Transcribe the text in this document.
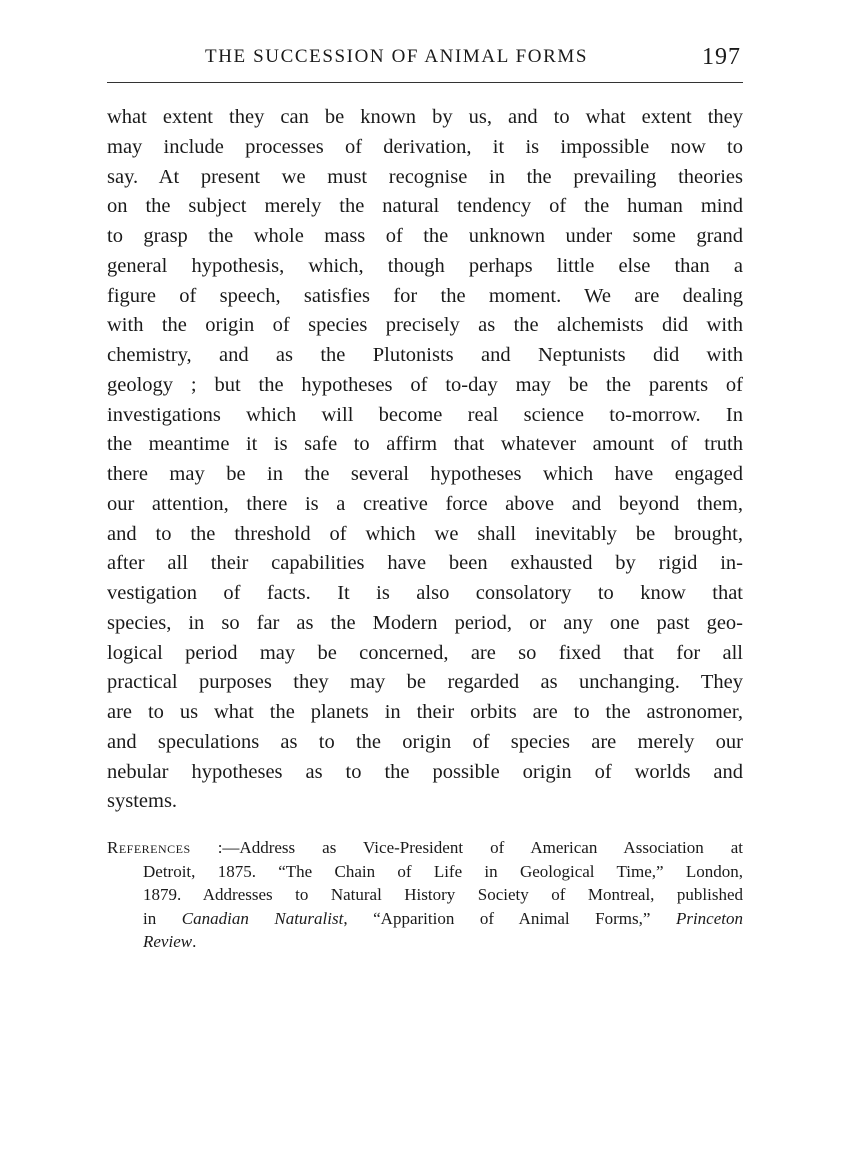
THE SUCCESSION OF ANIMAL FORMS	197
what extent they can be known by us, and to what extent they
may include processes of derivation, it is impossible now to
say. At present we must recognise in the prevailing theories
on the subject merely the natural tendency of the human mind
to grasp the whole mass of the unknown under some grand
general hypothesis, which, though perhaps little else than a
figure of speech, satisfies for the moment. We are dealing
with the origin of species precisely as the alchemists did with
chemistry, and as the Plutonists and Neptunists did with
geology ; but the hypotheses of to-day may be the parents of
investigations which will become real science to-morrow. In
the meantime it is safe to affirm that whatever amount of truth
there may be in the several hypotheses which have engaged
our attention, there is a creative force above and beyond them,
and to the threshold of which we shall inevitably be brought,
after all their capabilities have been exhausted by rigid in-
vestigation of facts. It is also consolatory to know that
species, in so far as the Modern period, or any one past geo-
logical period may be concerned, are so fixed that for all
practical purposes they may be regarded as unchanging. They
are to us what the planets in their orbits are to the astronomer,
and speculations as to the origin of species are merely our
nebular hypotheses as to the possible origin of worlds and
systems.
References :—Address as Vice-President of American Association at
Detroit, 1875. “The Chain of Life in Geological Time,” London,
1879. Addresses to Natural History Society of Montreal, published
in Canadian Naturalist, “Apparition of Animal Forms,” Princeton
Review.
